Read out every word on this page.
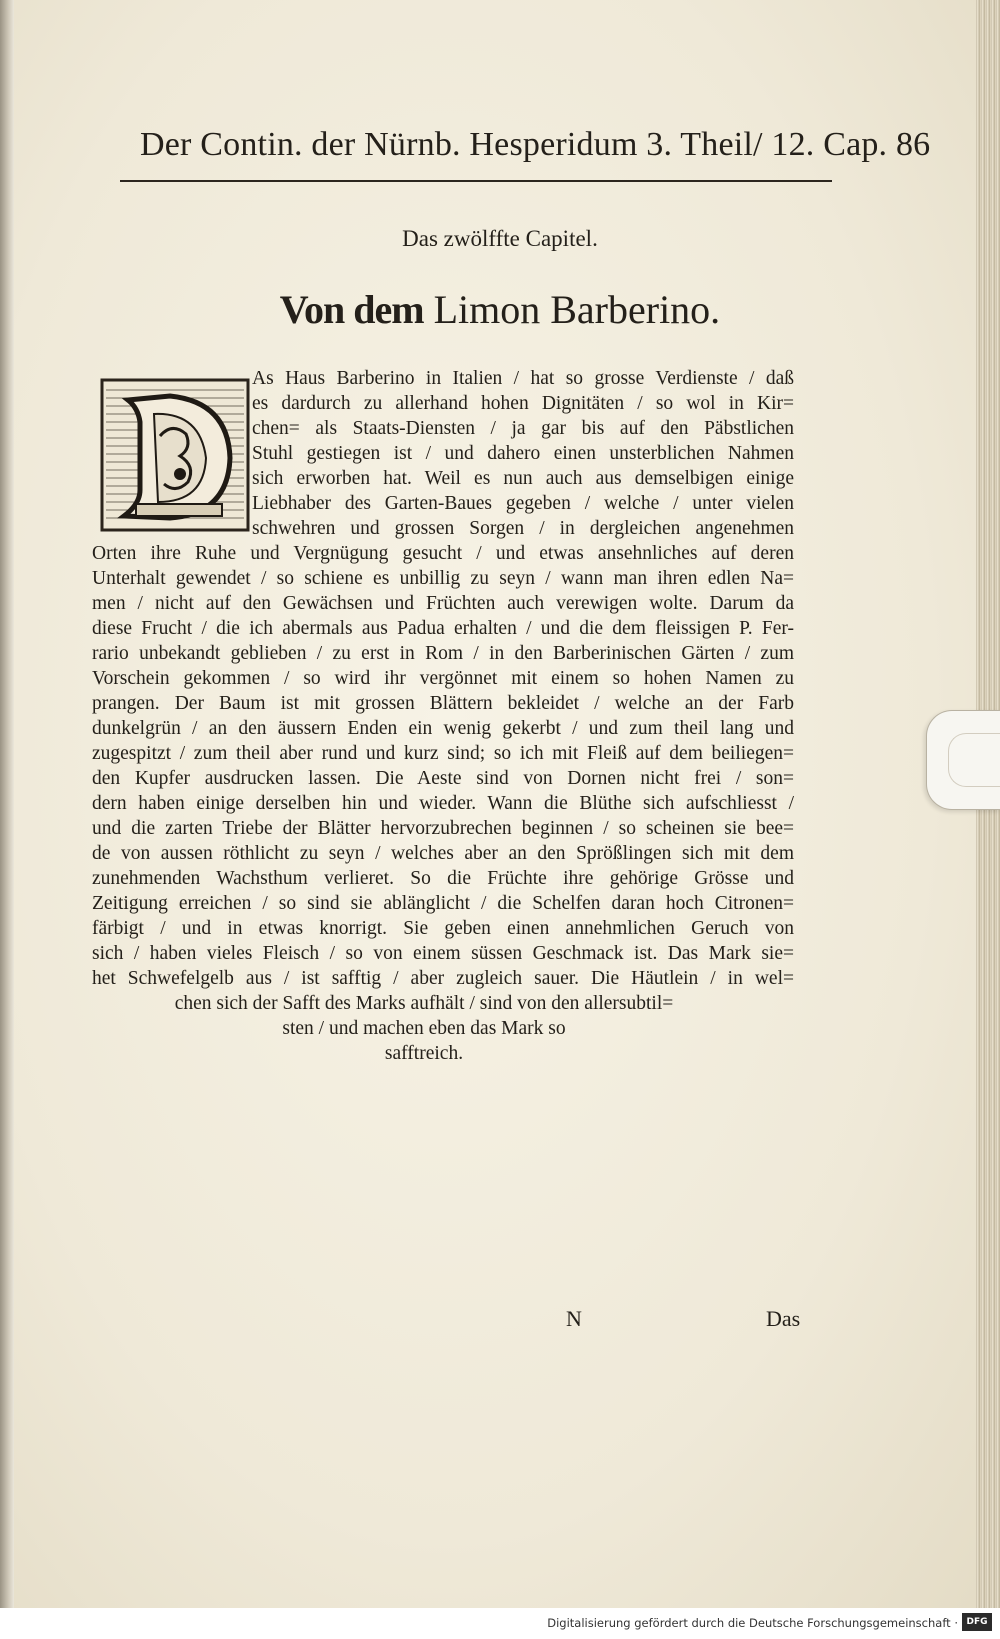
Der Contin. der Nürnb. Hesperidum 3. Theil/ 12. Cap. 86
Das zwölffte Capitel.
Von dem Limon Barberino.
As Haus Barberino in Italien / hat so grosse Verdienste / daß
es dardurch zu allerhand hohen Dignitäten / so wol in Kir=
chen= als Staats-Diensten / ja gar bis auf den Päbstlichen
Stuhl gestiegen ist / und dahero einen unsterblichen Nahmen
sich erworben hat. Weil es nun auch aus demselbigen einige
Liebhaber des Garten-Baues gegeben / welche / unter vielen
schwehren und grossen Sorgen / in dergleichen angenehmen
Orten ihre Ruhe und Vergnügung gesucht / und etwas ansehnliches auf deren
Unterhalt gewendet / so schiene es unbillig zu seyn / wann man ihren edlen Na=
men / nicht auf den Gewächsen und Früchten auch verewigen wolte. Darum da
diese Frucht / die ich abermals aus Padua erhalten / und die dem fleissigen P. Fer-
rario unbekandt geblieben / zu erst in Rom / in den Barberinischen Gärten / zum
Vorschein gekommen / so wird ihr vergönnet mit einem so hohen Namen zu
prangen. Der Baum ist mit grossen Blättern bekleidet / welche an der Farb
dunkelgrün / an den äussern Enden ein wenig gekerbt / und zum theil lang und
zugespitzt / zum theil aber rund und kurz sind; so ich mit Fleiß auf dem beiliegen=
den Kupfer ausdrucken lassen. Die Aeste sind von Dornen nicht frei / son=
dern haben einige derselben hin und wieder. Wann die Blüthe sich aufschliesst /
und die zarten Triebe der Blätter hervorzubrechen beginnen / so scheinen sie bee=
de von aussen röthlicht zu seyn / welches aber an den Sprößlingen sich mit dem
zunehmenden Wachsthum verlieret. So die Früchte ihre gehörige Grösse und
Zeitigung erreichen / so sind sie ablänglicht / die Schelfen daran hoch Citronen=
färbigt / und in etwas knorrigt. Sie geben einen annehmlichen Geruch von
sich / haben vieles Fleisch / so von einem süssen Geschmack ist. Das Mark sie=
het Schwefelgelb aus / ist safftig / aber zugleich sauer. Die Häutlein / in wel=
chen sich der Safft des Marks aufhält / sind von den allersubtil=
sten / und machen eben das Mark so
safftreich.
N	Das
Digitalisierung gefördert durch die Deutsche Forschungsgemeinschaft · DFG
